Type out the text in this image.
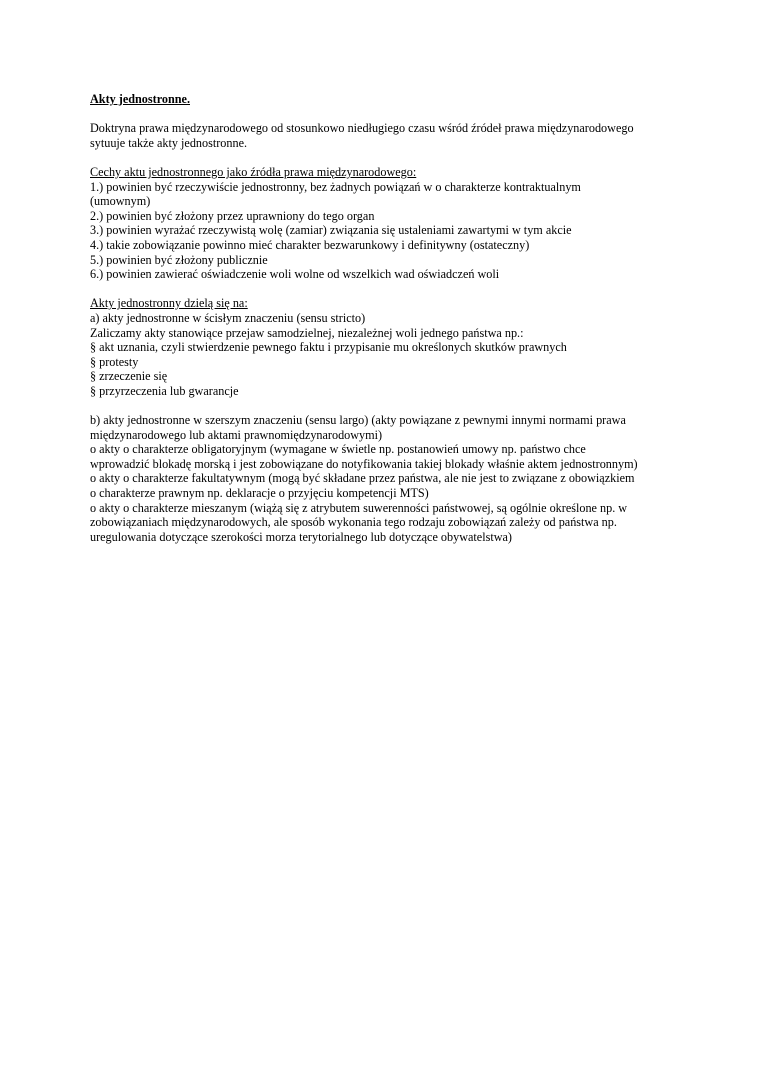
Akty jednostronne.

Doktryna prawa międzynarodowego od stosunkowo niedługiego czasu wśród źródeł prawa międzynarodowego

sytuuje także akty jednostronne.

Cechy aktu jednostronnego jako źródła prawa międzynarodowego:

1.) powinien być rzeczywiście jednostronny, bez żadnych powiązań w o charakterze kontraktualnym

(umownym)

2.) powinien być złożony przez uprawniony do tego organ

3.) powinien wyrażać rzeczywistą wolę (zamiar) związania się ustaleniami zawartymi w tym akcie

4.) takie zobowiązanie powinno mieć charakter bezwarunkowy i definitywny (ostateczny)

5.) powinien być złożony publicznie

6.) powinien zawierać oświadczenie woli wolne od wszelkich wad oświadczeń woli

Akty jednostronny dzielą się na:

a) akty jednostronne w ścisłym znaczeniu (sensu stricto)

Zaliczamy akty stanowiące przejaw samodzielnej, niezależnej woli jednego państwa np.:

§ akt uznania, czyli stwierdzenie pewnego faktu i przypisanie mu określonych skutków prawnych

§ protesty

§ zrzeczenie się

§ przyrzeczenia lub gwarancje

b) akty jednostronne w szerszym znaczeniu (sensu largo) (akty powiązane z pewnymi innymi normami prawa

międzynarodowego lub aktami prawnomiędzynarodowymi)

o akty o charakterze obligatoryjnym (wymagane w świetle np. postanowień umowy np. państwo chce

wprowadzić blokadę morską i jest zobowiązane do notyfikowania takiej blokady właśnie aktem jednostronnym)

o akty o charakterze fakultatywnym (mogą być składane przez państwa, ale nie jest to związane z obowiązkiem

o charakterze prawnym np. deklaracje o przyjęciu kompetencji MTS)

o akty o charakterze mieszanym (wiążą się z atrybutem suwerenności państwowej, są ogólnie określone np. w

zobowiązaniach międzynarodowych, ale sposób wykonania tego rodzaju zobowiązań zależy od państwa np.

uregulowania dotyczące szerokości morza terytorialnego lub dotyczące obywatelstwa)
